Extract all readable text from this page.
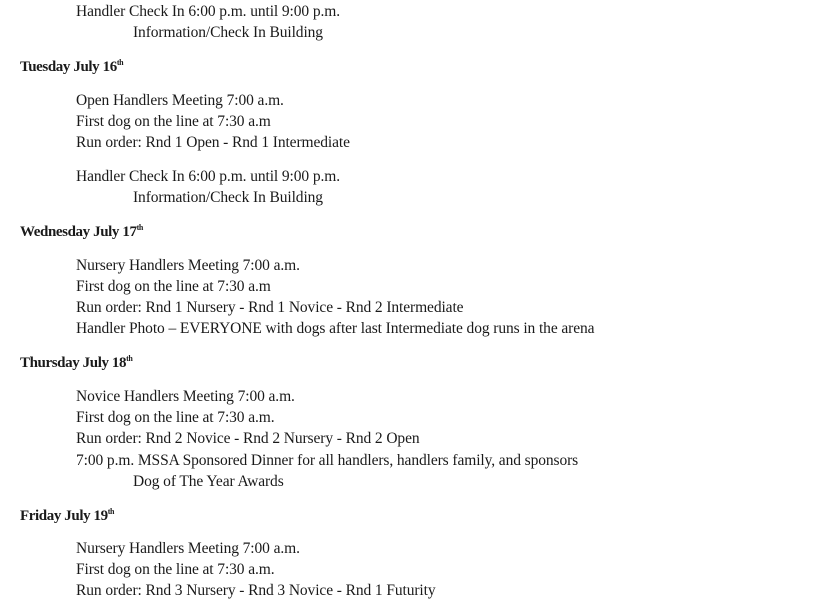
Handler Check In 6:00 p.m. until 9:00 p.m.
Information/Check In Building
Tuesday July 16th
Open Handlers Meeting 7:00 a.m.
First dog on the line at 7:30 a.m
Run order: Rnd 1 Open - Rnd 1 Intermediate
Handler Check In 6:00 p.m. until 9:00 p.m.
Information/Check In Building
Wednesday July 17th
Nursery Handlers Meeting 7:00 a.m.
First dog on the line at 7:30 a.m
Run order: Rnd 1 Nursery - Rnd 1 Novice - Rnd 2 Intermediate
Handler Photo – EVERYONE with dogs after last Intermediate dog runs in the arena
Thursday July 18th
Novice Handlers Meeting 7:00 a.m.
First dog on the line at 7:30 a.m.
Run order: Rnd 2 Novice - Rnd 2 Nursery - Rnd 2 Open
7:00 p.m. MSSA Sponsored Dinner for all handlers, handlers family, and sponsors
Dog of The Year Awards
Friday July 19th
Nursery Handlers Meeting 7:00 a.m.
First dog on the line at 7:30 a.m.
Run order: Rnd 3 Nursery - Rnd 3 Novice - Rnd 1 Futurity
